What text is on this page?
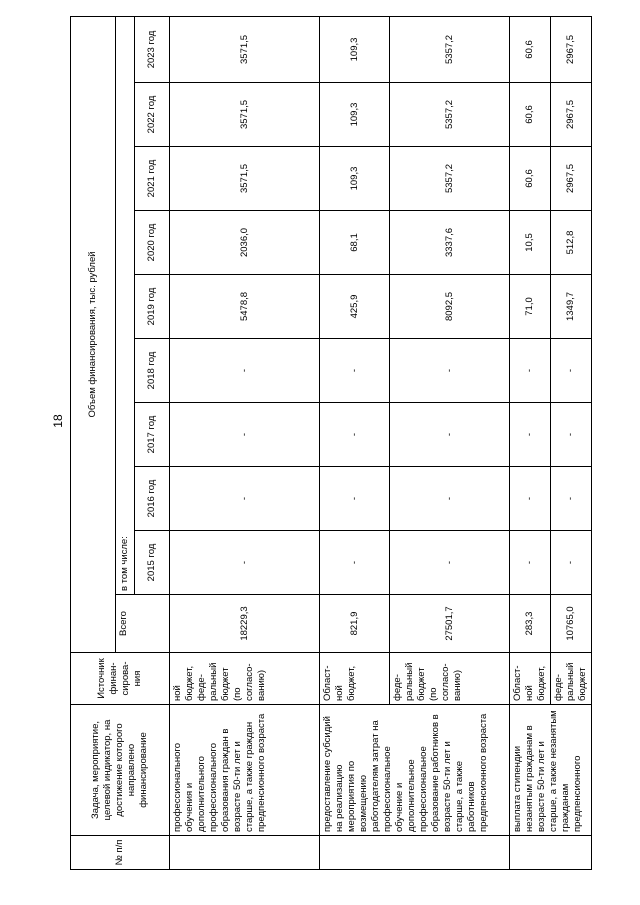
18
№ п/п	Задача, мероприятие, целевой индикатор, на достижение которого направлено финансирование	Источник финан-сирова-ния	Объем финансирования, тыс. рублей									
			Всего	в том числе:								
				2015 год	2016 год	2017 год	2018 год	2019 год	2020 год	2021 год	2022 год	2023 год
	профессионального обучения и дополнительного профессионального образования граждан в возрасте 50-ти лет и старше, а также граждан предпенсионного возраста	ной бюджет, феде-ральный бюджет (по согласо-ванию)	18229,3	-	-	-	-	5478,8	2036,0	3571,5	3571,5	3571,5
	предоставление субсидий на реализацию мероприятия по возмещению работодателям затрат на профессиональное обучение и дополнительное профессиональное образование работников в возрасте 50-ти лет и старше, а также работников предпенсионного возраста	Област-ной бюджет,	821,9	-	-	-	-	425,9	68,1	109,3	109,3	109,3
		феде-ральный бюджет (по согласо-ванию)	27501,7	-	-	-	-	8092,5	3337,6	5357,2	5357,2	5357,2
	выплата стипендии незанятым гражданам в возрасте 50-ти лет и старше, а также незанятым гражданам предпенсионного	Област-ной бюджет,	283,3	-	-	-	-	71,0	10,5	60,6	60,6	60,6
		феде-ральный бюджет	10765,0	-	-	-	-	1349,7	512,8	2967,5	2967,5	2967,5
